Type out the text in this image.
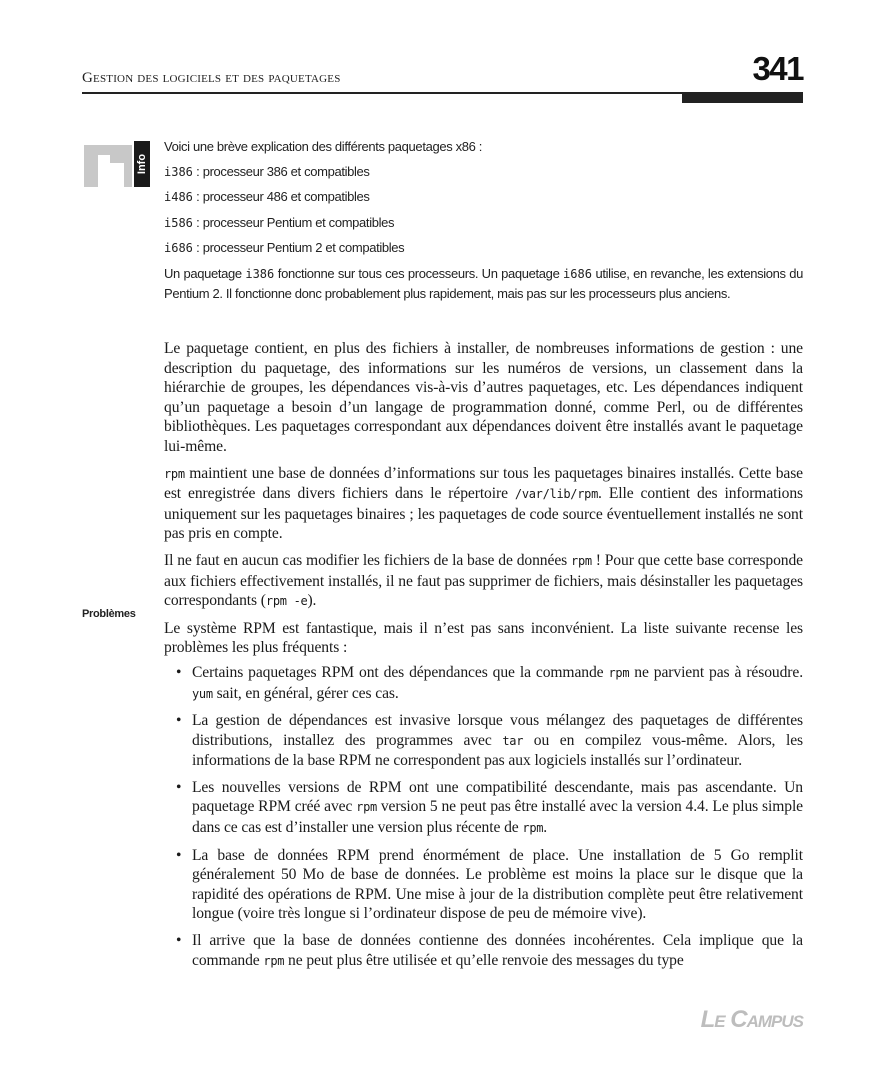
Gestion des logiciels et des paquetages	341
Info

Voici une brève explication des différents paquetages x86 :

i386 : processeur 386 et compatibles

i486 : processeur 486 et compatibles

i586 : processeur Pentium et compatibles

i686 : processeur Pentium 2 et compatibles

Un paquetage i386 fonctionne sur tous ces processeurs. Un paquetage i686 utilise, en revanche, les extensions du Pentium 2. Il fonctionne donc probablement plus rapidement, mais pas sur les processeurs plus anciens.

Problèmes

Le paquetage contient, en plus des fichiers à installer, de nombreuses informations de gestion : une description du paquetage, des informations sur les numéros de versions, un classement dans la hiérarchie de groupes, les dépendances vis-à-vis d’autres paquetages, etc. Les dépendances indiquent qu’un paquetage a besoin d’un langage de programmation donné, comme Perl, ou de différentes bibliothèques. Les paquetages correspondant aux dépendances doivent être installés avant le paquetage lui-même.

rpm maintient une base de données d’informations sur tous les paquetages binaires installés. Cette base est enregistrée dans divers fichiers dans le répertoire /var/lib/rpm. Elle contient des informations uniquement sur les paquetages binaires ; les paquetages de code source éventuellement installés ne sont pas pris en compte.

Il ne faut en aucun cas modifier les fichiers de la base de données rpm ! Pour que cette base corresponde aux fichiers effectivement installés, il ne faut pas supprimer de fichiers, mais désinstaller les paquetages correspondants (rpm -e).

Le système RPM est fantastique, mais il n’est pas sans inconvénient. La liste suivante recense les problèmes les plus fréquents :

• Certains paquetages RPM ont des dépendances que la commande rpm ne parvient pas à résoudre. yum sait, en général, gérer ces cas.
• La gestion de dépendances est invasive lorsque vous mélangez des paquetages de différentes distributions, installez des programmes avec tar ou en compilez vous-même. Alors, les informations de la base RPM ne correspondent pas aux logiciels installés sur l’ordinateur.
• Les nouvelles versions de RPM ont une compatibilité descendante, mais pas ascendante. Un paquetage RPM créé avec rpm version 5 ne peut pas être installé avec la version 4.4. Le plus simple dans ce cas est d’installer une version plus récente de rpm.
• La base de données RPM prend énormément de place. Une installation de 5 Go remplit généralement 50 Mo de base de données. Le problème est moins la place sur le disque que la rapidité des opérations de RPM. Une mise à jour de la distribution complète peut être relativement longue (voire très longue si l’ordinateur dispose de peu de mémoire vive).
• Il arrive que la base de données contienne des données incohérentes. Cela implique que la commande rpm ne peut plus être utilisée et qu’elle renvoie des messages du type
Le Campus
